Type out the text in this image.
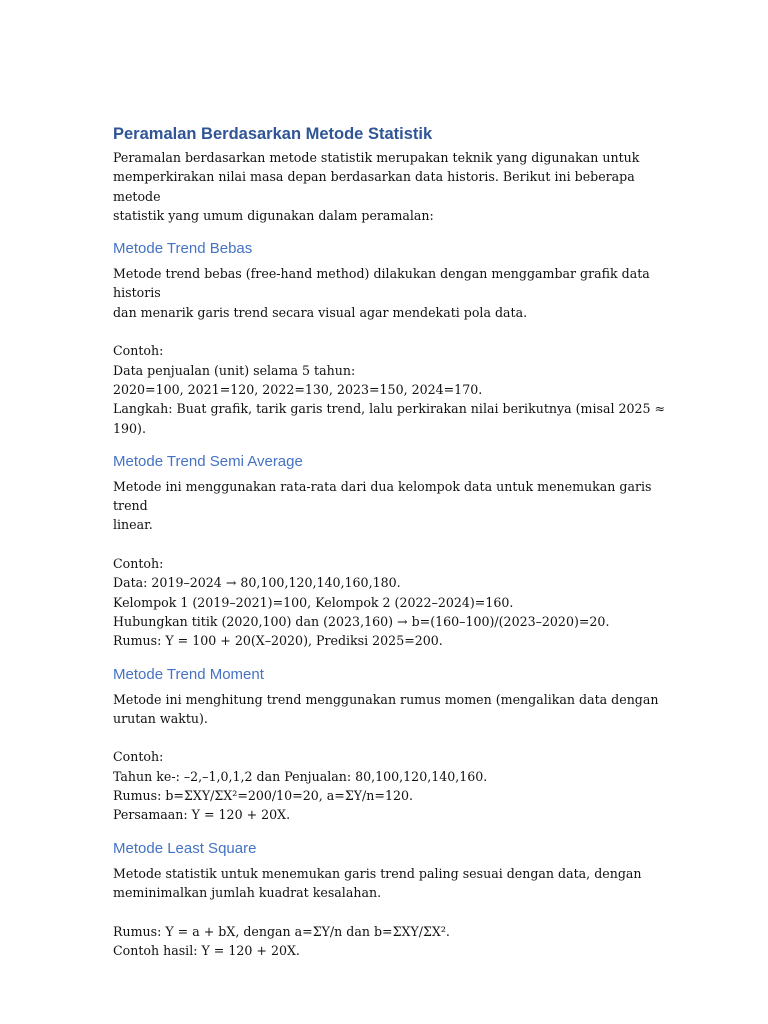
Peramalan Berdasarkan Metode Statistik

Peramalan berdasarkan metode statistik merupakan teknik yang digunakan untuk

memperkirakan nilai masa depan berdasarkan data historis. Berikut ini beberapa metode

statistik yang umum digunakan dalam peramalan:

Metode Trend Bebas

Metode trend bebas (free-hand method) dilakukan dengan menggambar grafik data historis

dan menarik garis trend secara visual agar mendekati pola data.

Contoh:

Data penjualan (unit) selama 5 tahun:

2020=100, 2021=120, 2022=130, 2023=150, 2024=170.

Langkah: Buat grafik, tarik garis trend, lalu perkirakan nilai berikutnya (misal 2025 ≈ 190).

Metode Trend Semi Average

Metode ini menggunakan rata-rata dari dua kelompok data untuk menemukan garis trend

linear.

Contoh:

Data: 2019–2024 → 80,100,120,140,160,180.

Kelompok 1 (2019–2021)=100, Kelompok 2 (2022–2024)=160.

Hubungkan titik (2020,100) dan (2023,160) → b=(160–100)/(2023–2020)=20.

Rumus: Y = 100 + 20(X–2020), Prediksi 2025=200.

Metode Trend Moment

Metode ini menghitung trend menggunakan rumus momen (mengalikan data dengan

urutan waktu).

Contoh:

Tahun ke-: –2,–1,0,1,2 dan Penjualan: 80,100,120,140,160.

Rumus: b=ΣXY/ΣX²=200/10=20, a=ΣY/n=120.

Persamaan: Y = 120 + 20X.

Metode Least Square

Metode statistik untuk menemukan garis trend paling sesuai dengan data, dengan

meminimalkan jumlah kuadrat kesalahan.

Rumus: Y = a + bX, dengan a=ΣY/n dan b=ΣXY/ΣX².

Contoh hasil: Y = 120 + 20X.
